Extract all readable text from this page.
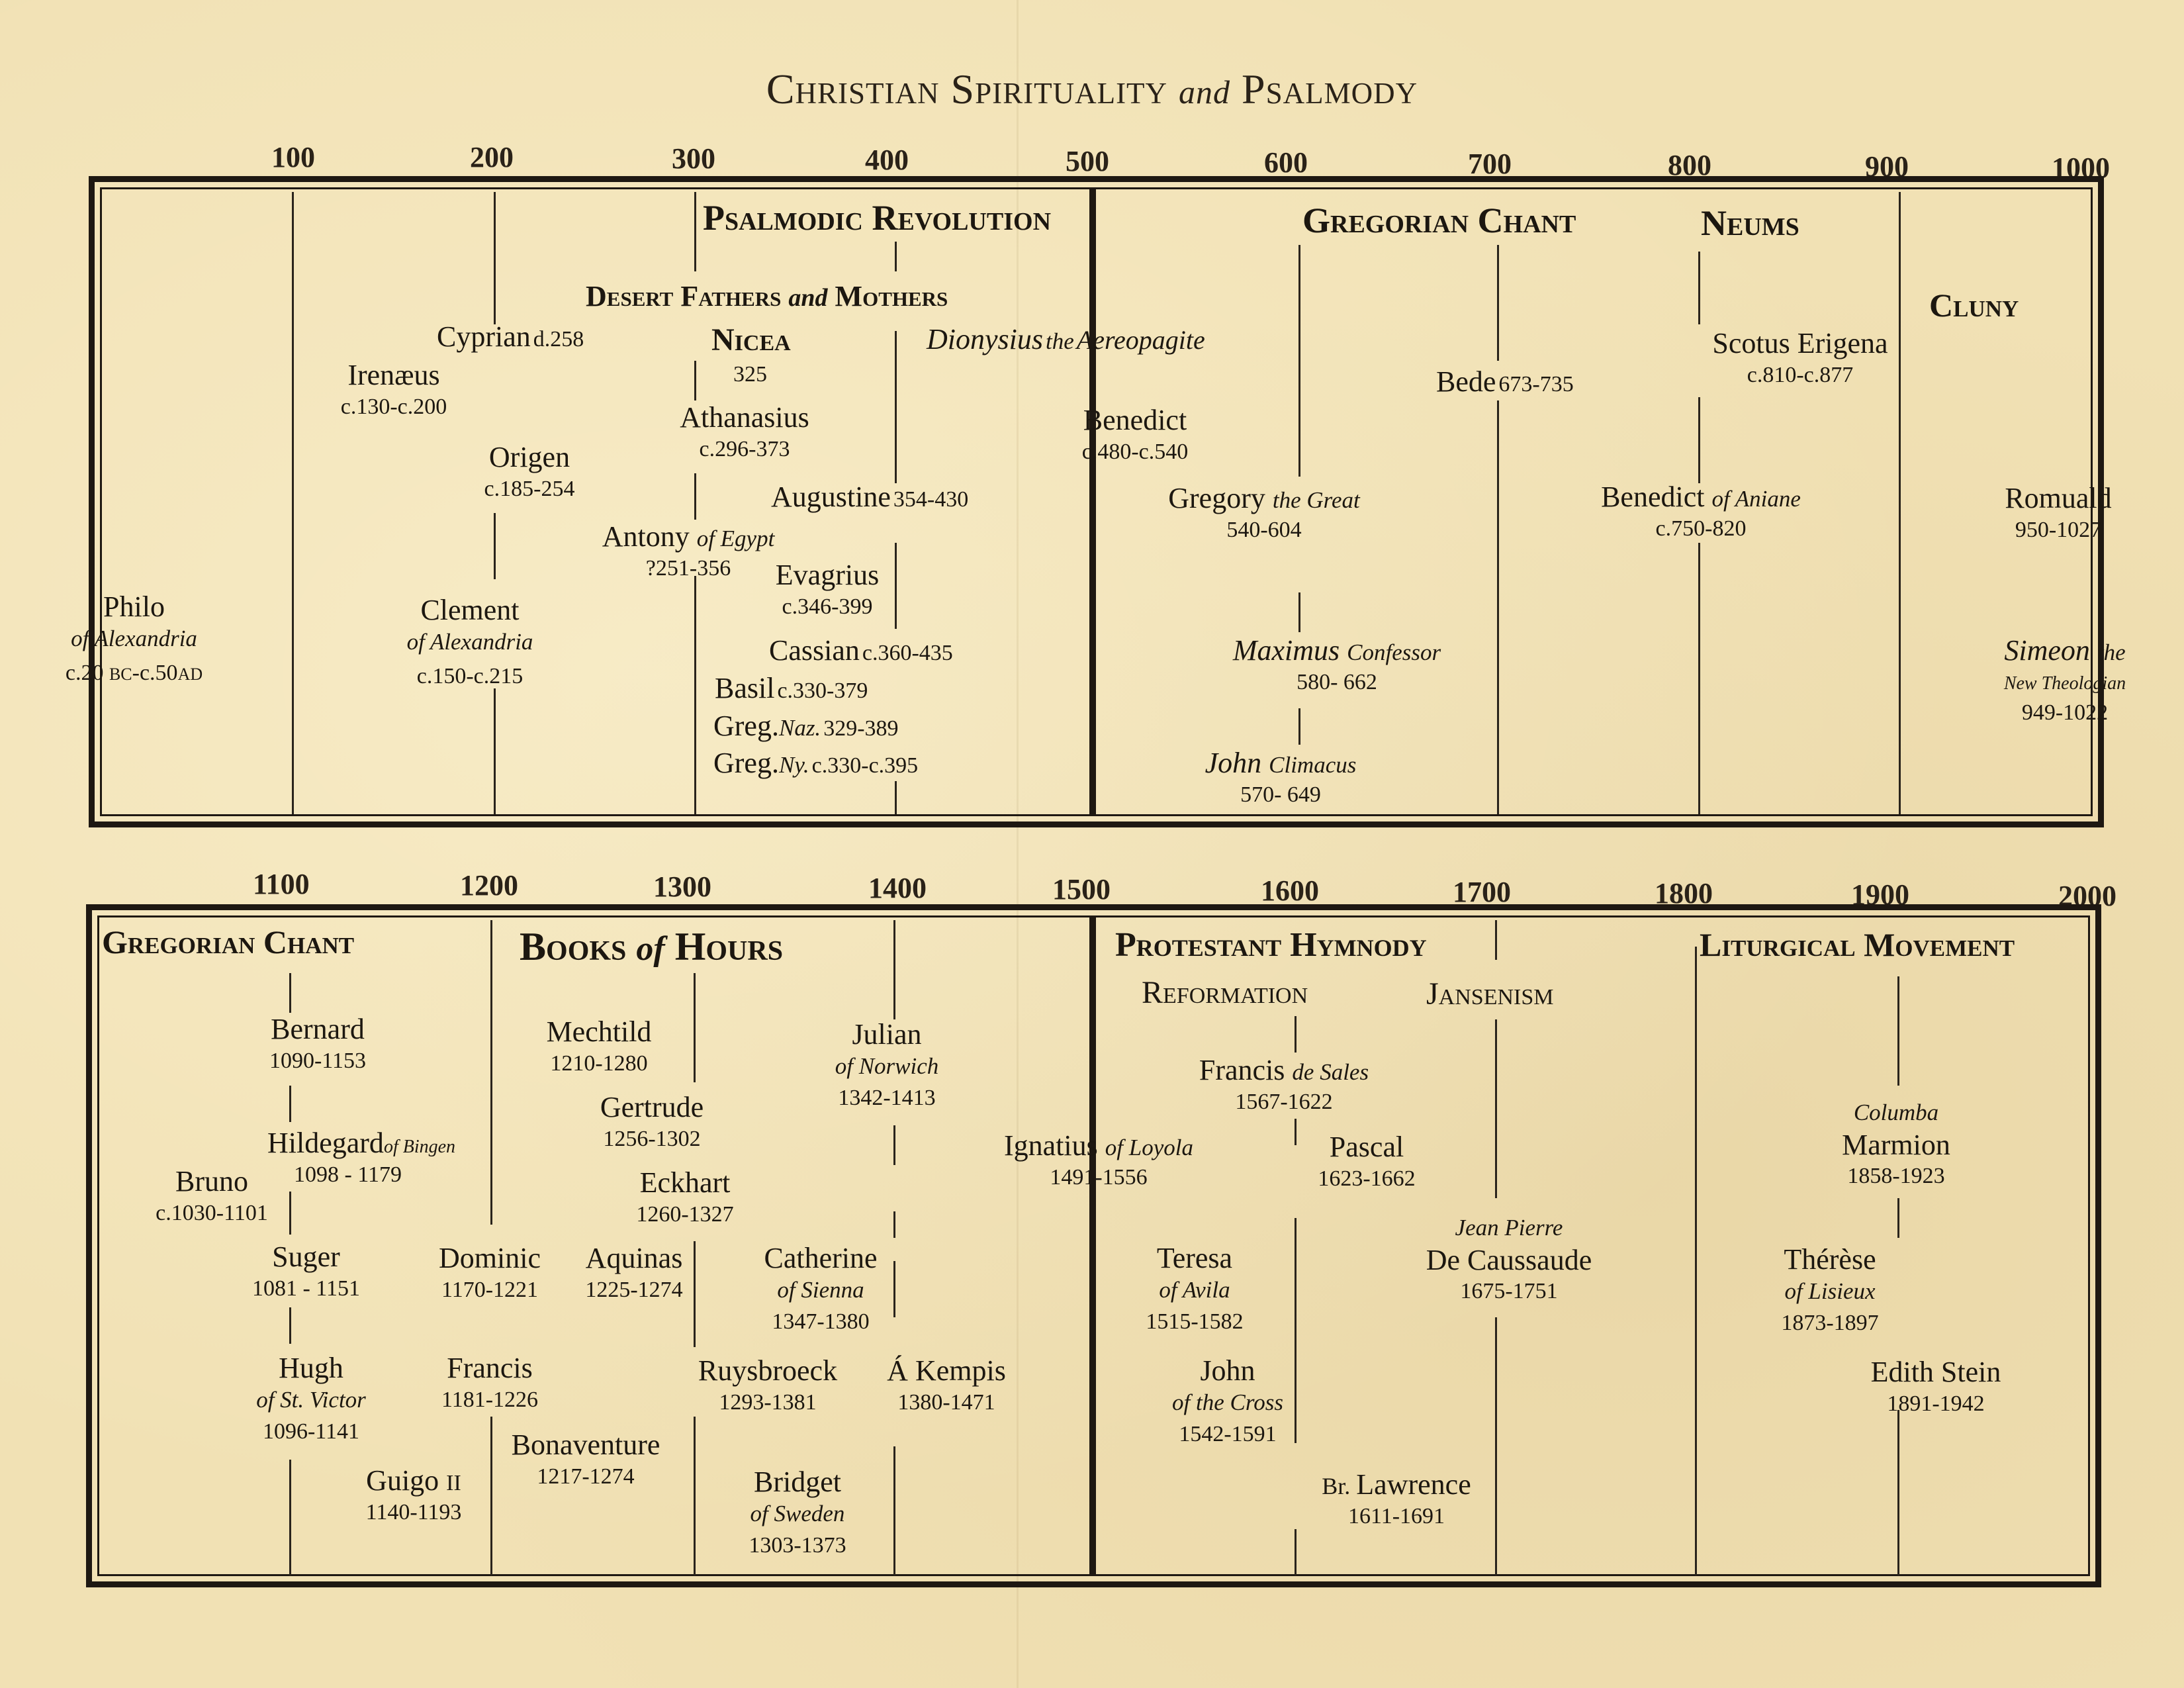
Christian Spirituality and Psalmody
100	200	300	400	500	600	700	800	900	1000
Psalmodic Revolution
Desert Fathers and Mothers
Nicea
325
Gregorian Chant	Neums
Cluny
Philo
of Alexandria
c.20 BC-c.50AD
Irenæus
c.130-c.200
Cyprian d.258
Origen
c.185-254
Clement
of Alexandria
c.150-c.215
Athanasius
c.296-373
Antony of Egypt
?251-356
Dionysius the Aereopagite
Augustine 354-430
Evagrius
c.346-399
Cassian c.360-435
Basil c.330-379
Greg.Naz. 329-389
Greg.Ny. c.330-c.395
Benedict
c.480-c.540
Gregory the Great
540-604
Maximus Confessor
580- 662
John Climacus
570- 649
Bede 673-735
Scotus Erigena
c.810-c.877
Benedict of Aniane
c.750-820
Romuald
950-1027
Simeon the
New Theologian
949-1022
1100	1200	1300	1400	1500	1600	1700	1800	1900	2000
Gregorian Chant	Books of Hours	Protestant Hymnody
Reformation	Jansenism
Liturgical Movement
Bernard
1090-1153
Hildegardof Bingen
1098 - 1179
Bruno
c.1030-1101
Suger
1081 - 1151
Hugh
of St. Victor
1096-1141
Guigo II
1140-1193
Mechtild
1210-1280
Gertrude
1256-1302
Eckhart
1260-1327
Dominic
1170-1221
Aquinas
1225-1274
Francis
1181-1226
Bonaventure
1217-1274
Julian
of Norwich
1342-1413
Catherine
of Sienna
1347-1380
Ruysbroeck
1293-1381
Á Kempis
1380-1471
Bridget
of Sweden
1303-1373
Ignatius of Loyola
1491-1556
Francis de Sales
1567-1622
Pascal
1623-1662
Teresa
of Avila
1515-1582
John
of the Cross
1542-1591
Br. Lawrence
1611-1691
Jean Pierre
De Caussaude
1675-1751
Columba
Marmion
1858-1923
Thérèse
of Lisieux
1873-1897
Edith Stein
1891-1942
